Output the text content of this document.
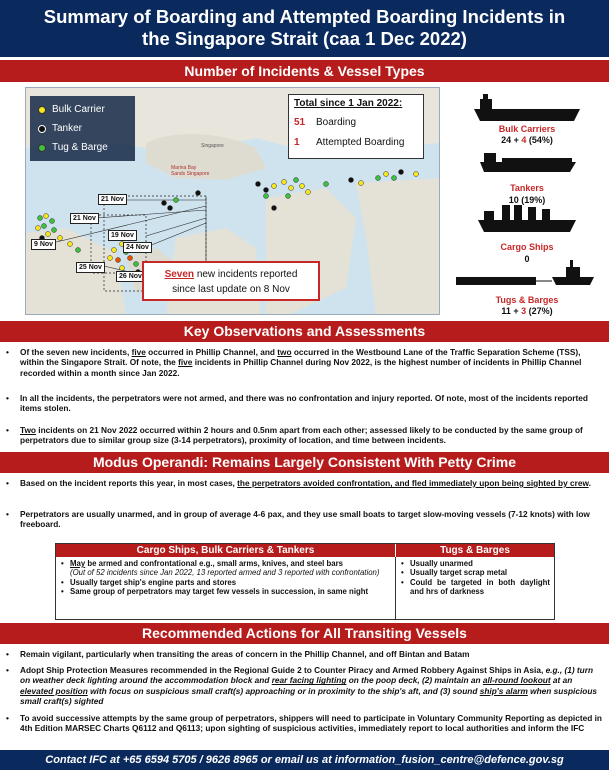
Summary of Boarding and Attempted Boarding Incidents in
the Singapore Strait (caa 1 Dec 2022)
Number of Incidents & Vessel Types
Singapore
Marina Bay Sands Singapore
Bulk Carrier
Tanker
Tug & Barge
Total since 1 Jan 2022:
51	Boarding
1	Attempted Boarding
21 Nov
21 Nov
9 Nov
19 Nov
24 Nov
25 Nov
26 Nov	Seven new incidents reported
since last update on 8 Nov
Bulk Carriers
24 + 4 (54%)
Tankers
10 (19%)
Cargo Ships
0
Tugs & Barges
11 + 3 (27%)
Key Observations and Assessments
• Of the seven new incidents, five occurred in Phillip Channel, and two occurred in the Westbound Lane of the Traffic Separation Scheme (TSS), within the Singapore Strait. Of note, the five incidents in Phillip Channel during Nov 2022, is the highest number of incidents in Phillip Channel recorded within a month since Jan 2022.
• In all the incidents, the perpetrators were not armed, and there was no confrontation and injury reported. Of note, most of the incidents reported items stolen.
• Two incidents on 21 Nov 2022 occurred within 2 hours and 0.5nm apart from each other; assessed likely to be conducted by the same group of perpetrators due to similar group size (3-14 perpetrators), proximity of location, and time between incidents.
Modus Operandi: Remains Largely Consistent With Petty Crime
• Based on the incident reports this year, in most cases, the perpetrators avoided confrontation, and fled immediately upon being sighted by crew.
• Perpetrators are usually unarmed, and in group of average 4-6 pax, and they use small boats to target slow-moving vessels (7-12 knots) with low freeboard.
Cargo Ships, Bulk Carriers & Tankers	Tugs & Barges
• May be armed and confrontational e.g., small arms, knives, and steel bars
(Out of 52 incidents since Jan 2022, 13 reported armed and 3 reported with confrontation)
• Usually target ship's engine parts and stores
• Same group of perpetrators may target few vessels in succession, in same night
• Usually unarmed
• Usually target scrap metal
• Could be targeted in both daylight and hrs of darkness
Recommended Actions for All Transiting Vessels
• Remain vigilant, particularly when transiting the areas of concern in the Phillip Channel, and off Bintan and Batam
• Adopt Ship Protection Measures recommended in the Regional Guide 2 to Counter Piracy and Armed Robbery Against Ships in Asia, e.g., (1) turn on weather deck lighting around the accommodation block and rear facing lighting on the poop deck, (2) maintain an all-round lookout at an elevated position with focus on suspicious small craft(s) approaching or in proximity to the ship's aft, and (3) sound ship's alarm when suspicious small craft(s) sighted
• To avoid successive attempts by the same group of perpetrators, shippers will need to participate in Voluntary Community Reporting as depicted in 4th Edition MARSEC Charts Q6112 and Q6113; upon sighting of suspicious activities, immediately report to local authorities and inform the IFC
Contact IFC at +65 6594 5705 / 9626 8965 or email us at information_fusion_centre@defence.gov.sg
